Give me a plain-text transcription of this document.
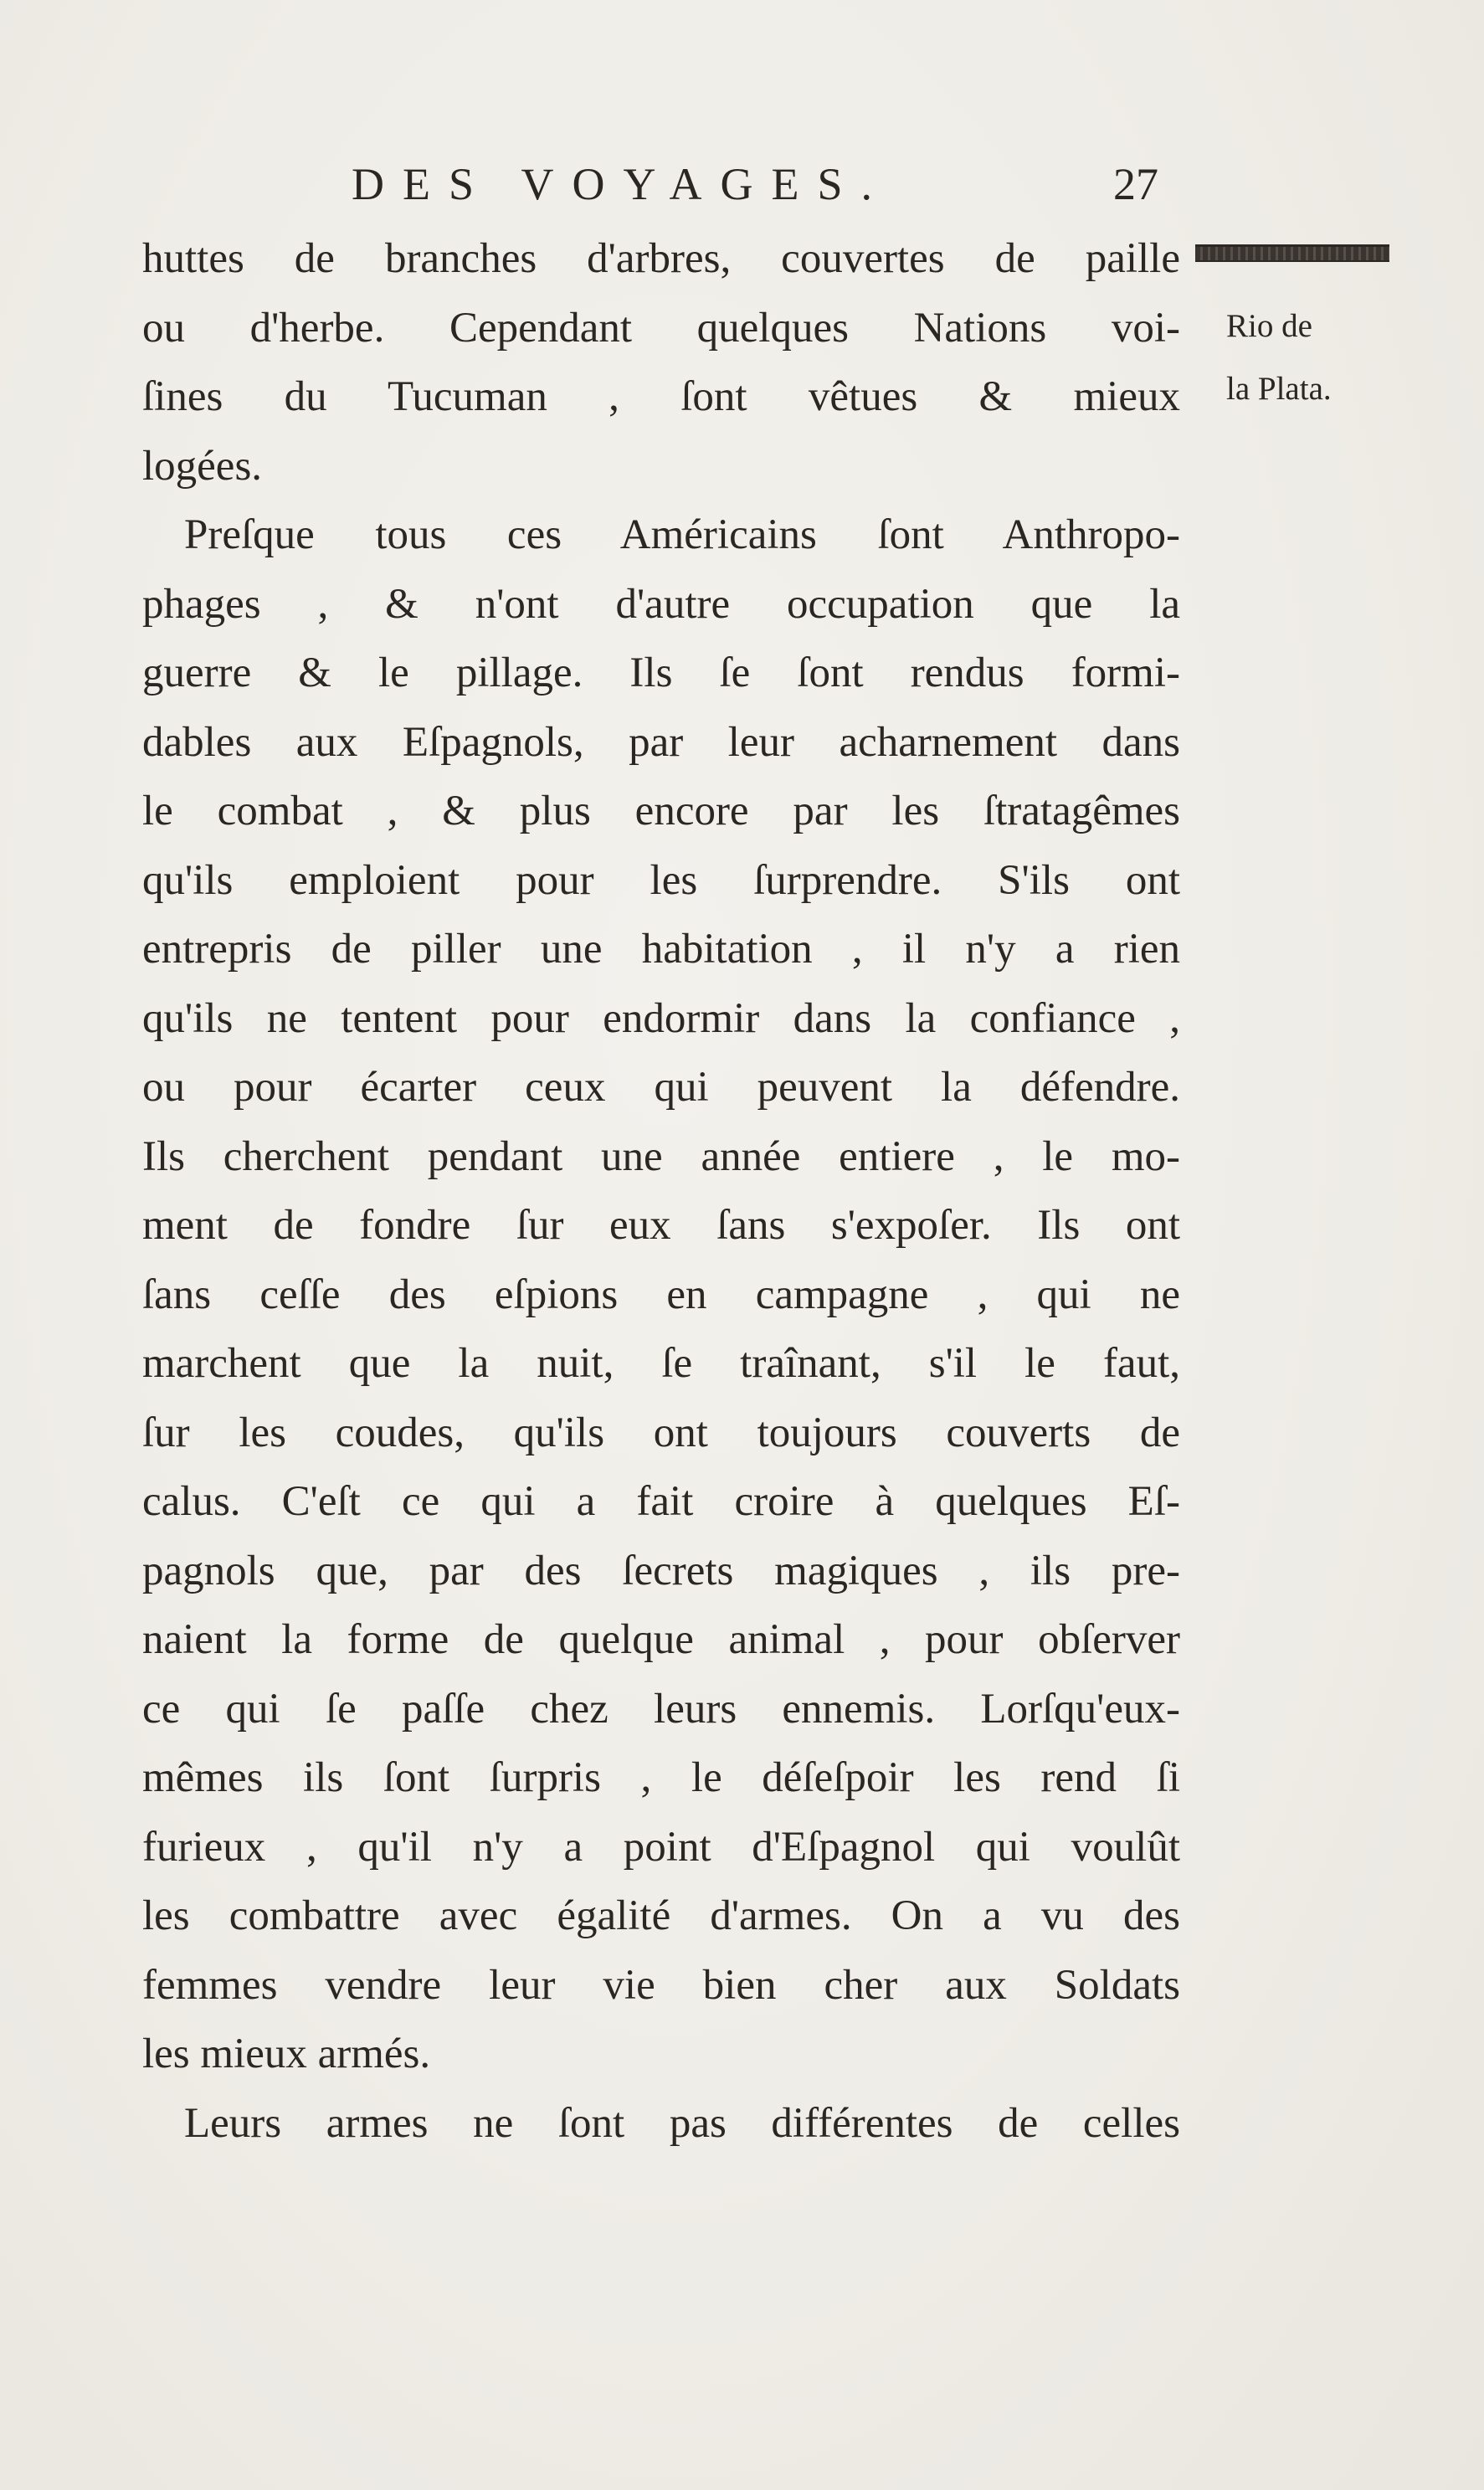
DES VOYAGES.	27
Rio de
la Plata.
huttes de branches d'arbres, couvertes de paille
ou d'herbe. Cependant quelques Nations voi-
ſines du Tucuman , ſont vêtues & mieux
logées.
Preſque tous ces Américains ſont Anthropo-
phages , & n'ont d'autre occupation que la
guerre & le pillage. Ils ſe ſont rendus formi-
dables aux Eſpagnols, par leur acharnement dans
le combat , & plus encore par les ſtratagêmes
qu'ils emploient pour les ſurprendre. S'ils ont
entrepris de piller une habitation , il n'y a rien
qu'ils ne tentent pour endormir dans la confiance ,
ou pour écarter ceux qui peuvent la défendre.
Ils cherchent pendant une année entiere , le mo-
ment de fondre ſur eux ſans s'expoſer. Ils ont
ſans ceſſe des eſpions en campagne , qui ne
marchent que la nuit, ſe traînant, s'il le faut,
ſur les coudes, qu'ils ont toujours couverts de
calus. C'eſt ce qui a fait croire à quelques Eſ-
pagnols que, par des ſecrets magiques , ils pre-
naient la forme de quelque animal , pour obſerver
ce qui ſe paſſe chez leurs ennemis. Lorſqu'eux-
mêmes ils ſont ſurpris , le déſeſpoir les rend ſi
furieux , qu'il n'y a point d'Eſpagnol qui voulût
les combattre avec égalité d'armes. On a vu des
femmes vendre leur vie bien cher aux Soldats
les mieux armés.
Leurs armes ne ſont pas différentes de celles
